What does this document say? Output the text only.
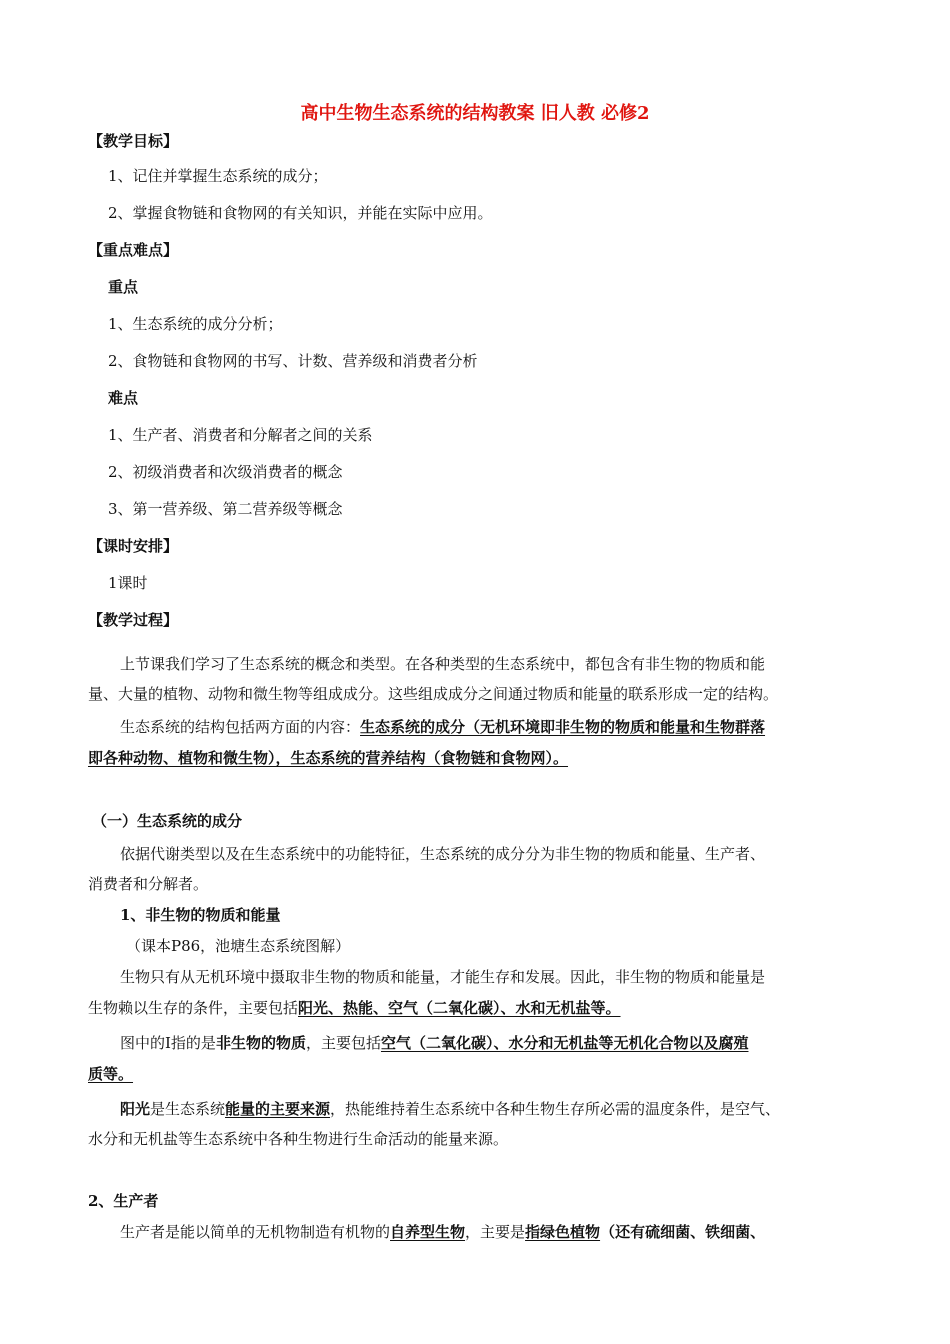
高中生物生态系统的结构教案 旧人教 必修2
【教学目标】
1、记住并掌握生态系统的成分；
2、掌握食物链和食物网的有关知识，并能在实际中应用。
【重点难点】
重点
1、生态系统的成分分析；
2、食物链和食物网的书写、计数、营养级和消费者分析
难点
1、生产者、消费者和分解者之间的关系
2、初级消费者和次级消费者的概念
3、第一营养级、第二营养级等概念
【课时安排】
1课时
【教学过程】
上节课我们学习了生态系统的概念和类型。在各种类型的生态系统中，都包含有非生物的物质和能
量、大量的植物、动物和微生物等组成成分。这些组成成分之间通过物质和能量的联系形成一定的结构。
生态系统的结构包括两方面的内容：生态系统的成分（无机环境即非生物的物质和能量和生物群落
即各种动物、植物和微生物），生态系统的营养结构（食物链和食物网）。
（一）生态系统的成分
依据代谢类型以及在生态系统中的功能特征，生态系统的成分分为非生物的物质和能量、生产者、
消费者和分解者。
1、非生物的物质和能量
（课本P86，池塘生态系统图解）
生物只有从无机环境中摄取非生物的物质和能量，才能生存和发展。因此，非生物的物质和能量是
生物赖以生存的条件，主要包括阳光、热能、空气（二氧化碳）、水和无机盐等。
图中的Ⅰ指的是非生物的物质，主要包括空气（二氧化碳）、水分和无机盐等无机化合物以及腐殖
质等。
阳光是生态系统能量的主要来源，热能维持着生态系统中各种生物生存所必需的温度条件，是空气、
水分和无机盐等生态系统中各种生物进行生命活动的能量来源。
2、生产者
生产者是能以简单的无机物制造有机物的自养型生物，主要是指绿色植物（还有硫细菌、铁细菌、
